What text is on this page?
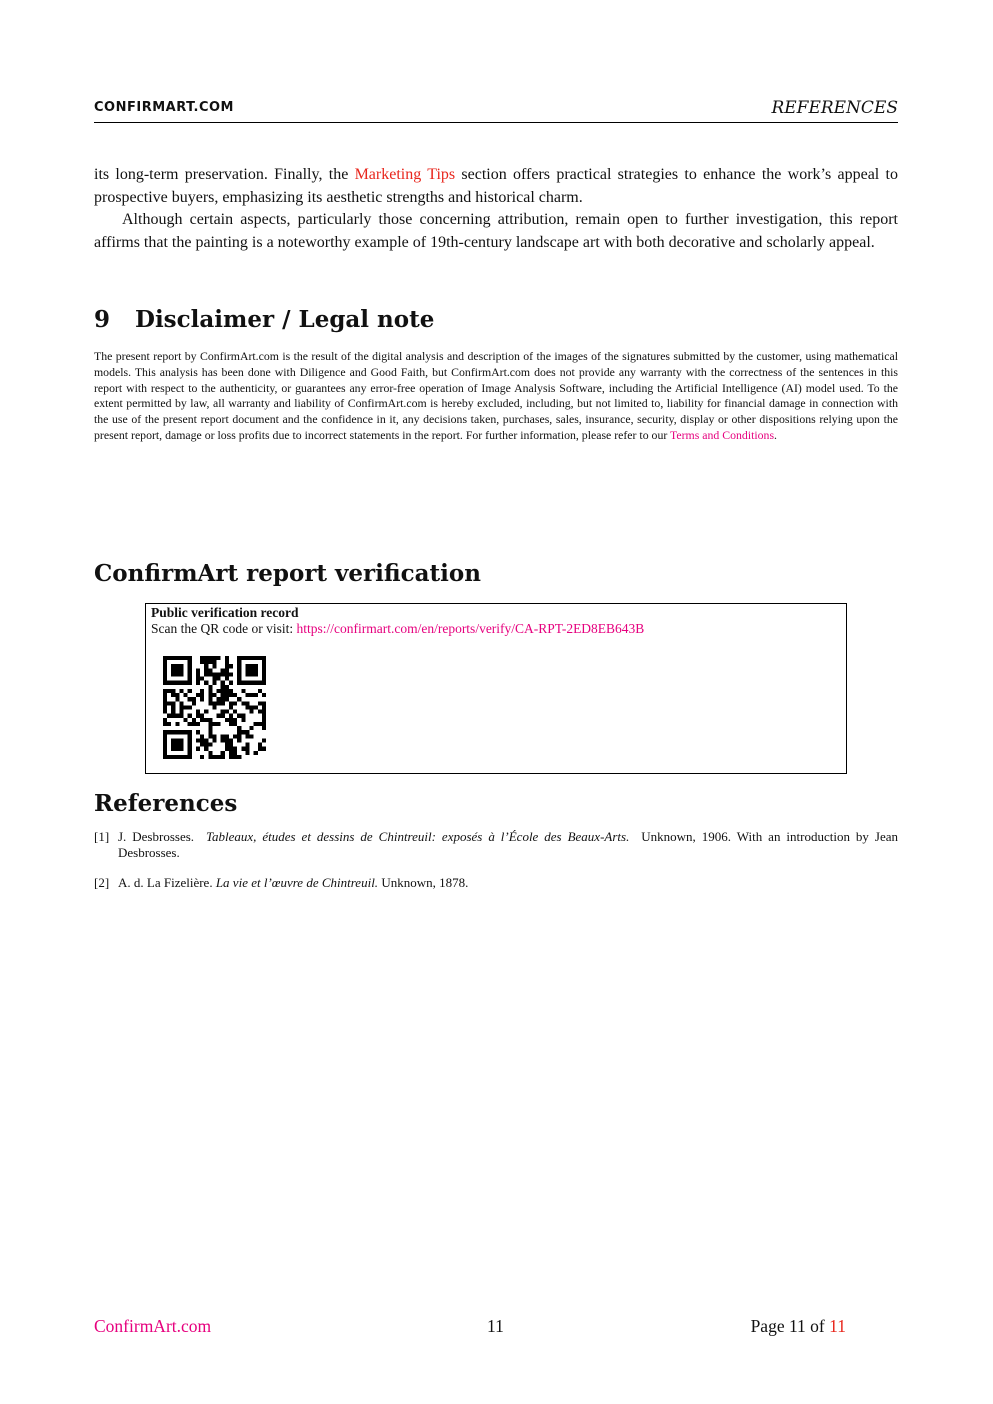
CONFIRMART.COM	REFERENCES

its long-term preservation. Finally, the Marketing Tips section offers practical strategies to enhance the work’s appeal to prospective buyers, emphasizing its aesthetic strengths and historical charm.

Although certain aspects, particularly those concerning attribution, remain open to further investigation, this report affirms that the painting is a noteworthy example of 19th-century landscape art with both decorative and scholarly appeal.

9 Disclaimer / Legal note

The present report by ConfirmArt.com is the result of the digital analysis and description of the images of the signatures submitted by the customer, using mathematical models. This analysis has been done with Diligence and Good Faith, but ConfirmArt.com does not provide any warranty with the correctness of the sentences in this report with respect to the authenticity, or guarantees any error-free operation of Image Analysis Software, including the Artificial Intelligence (AI) model used. To the extent permitted by law, all warranty and liability of ConfirmArt.com is hereby excluded, including, but not limited to, liability for financial damage in connection with the use of the present report document and the confidence in it, any decisions taken, purchases, sales, insurance, security, display or other dispositions relying upon the present report, damage or loss profits due to incorrect statements in the report. For further information, please refer to our Terms and Conditions.

ConfirmArt report verification
Public verification record
Scan the QR code or visit: https://confirmart.com/en/reports/verify/CA-RPT-2ED8EB643B
References
[1] J. Desbrosses. Tableaux, études et dessins de Chintreuil: exposés à l’École des Beaux-Arts. Unknown, 1906. With an introduction by Jean Desbrosses.
[2] A. d. La Fizelière. La vie et l’œuvre de Chintreuil. Unknown, 1878.
ConfirmArt.com	11	Page 11 of 11
